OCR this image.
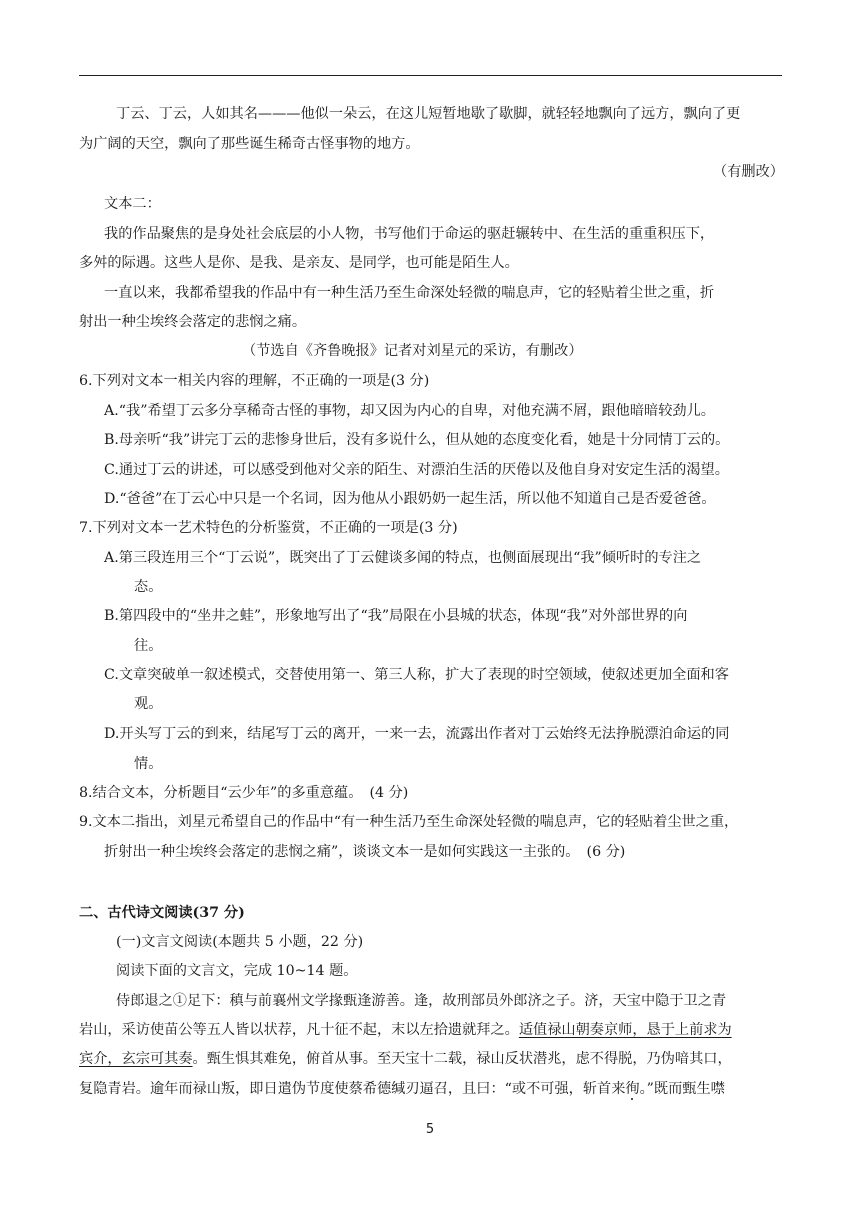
丁云、丁云，人如其名———他似一朵云，在这儿短暂地歇了歇脚，就轻轻地飘向了远方，飘向了更
为广阔的天空，飘向了那些诞生稀奇古怪事物的地方。
（有删改）
文本二：
我的作品聚焦的是身处社会底层的小人物，书写他们于命运的驱赶辗转中、在生活的重重积压下，
多舛的际遇。这些人是你、是我、是亲友、是同学，也可能是陌生人。
一直以来，我都希望我的作品中有一种生活乃至生命深处轻微的喘息声，它的轻贴着尘世之重，折
射出一种尘埃终会落定的悲悯之痛。
（节选自《齐鲁晚报》记者对刘星元的采访，有删改）
6.下列对文本一相关内容的理解，不正确的一项是(3 分)
A.“我”希望丁云多分享稀奇古怪的事物，却又因为内心的自卑，对他充满不屑，跟他暗暗较劲儿。
B.母亲听“我”讲完丁云的悲惨身世后，没有多说什么，但从她的态度变化看，她是十分同情丁云的。
C.通过丁云的讲述，可以感受到他对父亲的陌生、对漂泊生活的厌倦以及他自身对安定生活的渴望。
D.“爸爸”在丁云心中只是一个名词，因为他从小跟奶奶一起生活，所以他不知道自己是否爱爸爸。
7.下列对文本一艺术特色的分析鉴赏，不正确的一项是(3 分)
A.第三段连用三个“丁云说”，既突出了丁云健谈多闻的特点，也侧面展现出“我”倾听时的专注之
态。
B.第四段中的“坐井之蛙”，形象地写出了“我”局限在小县城的状态，体现“我”对外部世界的向
往。
C.文章突破单一叙述模式，交替使用第一、第三人称，扩大了表现的时空领域，使叙述更加全面和客
观。
D.开头写丁云的到来，结尾写丁云的离开，一来一去，流露出作者对丁云始终无法挣脱漂泊命运的同
情。
8.结合文本，分析题目“云少年”的多重意蕴。　(4 分)
9.文本二指出，刘星元希望自己的作品中“有一种生活乃至生命深处轻微的喘息声，它的轻贴着尘世之重，
折射出一种尘埃终会落定的悲悯之痛”，谈谈文本一是如何实践这一主张的。　(6 分)
二、古代诗文阅读(37 分)
(一)文言文阅读(本题共 5 小题，22 分)
阅读下面的文言文，完成 10~14 题。
侍郎退之①足下：稹与前襄州文学掾甄逢游善。逢，故刑部员外郎济之子。济，天宝中隐于卫之青
岩山，采访使苗公等五人皆以状荐，凡十征不起，末以左拾遗就拜之。适值禄山朝奏京师，恳于上前求为
宾介，玄宗可其奏。甄生惧其难免，俯首从事。至天宝十二载，禄山反状潜兆，虑不得脱，乃伪喑其口，
复隐青岩。逾年而禄山叛，即日遣伪节度使蔡希德缄刃逼召，且曰：“或不可强，斩首来徇。”既而甄生噤
5
